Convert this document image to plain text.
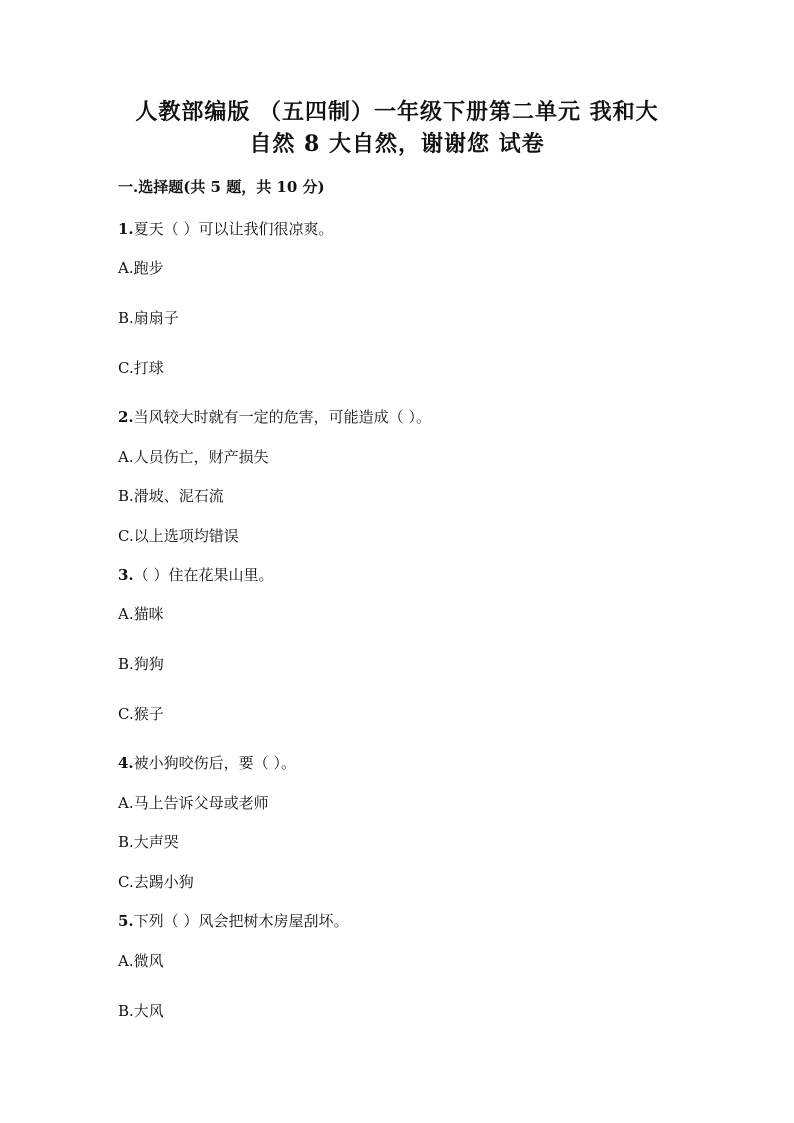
人教部编版 （五四制）一年级下册第二单元 我和大
自然 8 大自然，谢谢您 试卷
一.选择题(共 5 题，共 10 分)
1.夏天（ ）可以让我们很凉爽。
A.跑步
B.扇扇子
C.打球
2.当风较大时就有一定的危害，可能造成（ ）。
A.人员伤亡，财产损失
B.滑坡、泥石流
C.以上选项均错误
3.（ ）住在花果山里。
A.猫咪
B.狗狗
C.猴子
4.被小狗咬伤后，要（ ）。
A.马上告诉父母或老师
B.大声哭
C.去踢小狗
5.下列（ ）风会把树木房屋刮坏。
A.微风
B.大风
